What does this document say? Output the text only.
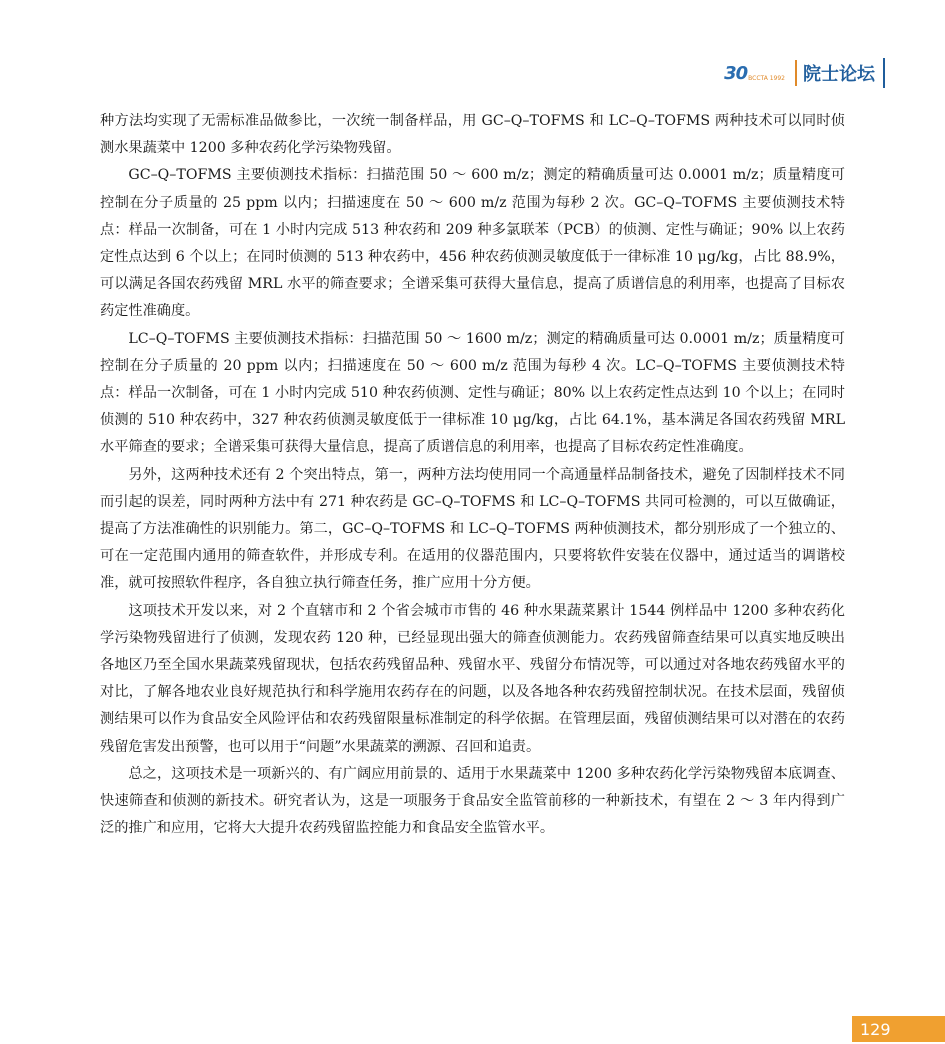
30 BCCTA 1992 院士论坛

种方法均实现了无需标准品做参比，一次统一制备样品，用 GC–Q–TOFMS 和 LC–Q–TOFMS 两种技术可以同时侦测水果蔬菜中 1200 多种农药化学污染物残留。

GC–Q–TOFMS 主要侦测技术指标：扫描范围 50 ～ 600 m/z；测定的精确质量可达 0.0001 m/z；质量精度可控制在分子质量的 25 ppm 以内；扫描速度在 50 ～ 600 m/z 范围为每秒 2 次。GC–Q–TOFMS 主要侦测技术特点：样品一次制备，可在 1 小时内完成 513 种农药和 209 种多氯联苯（PCB）的侦测、定性与确证；90% 以上农药定性点达到 6 个以上；在同时侦测的 513 种农药中，456 种农药侦测灵敏度低于一律标准 10 μg/kg，占比 88.9%，可以满足各国农药残留 MRL 水平的筛查要求；全谱采集可获得大量信息，提高了质谱信息的利用率，也提高了目标农药定性准确度。

LC–Q–TOFMS 主要侦测技术指标：扫描范围 50 ～ 1600 m/z；测定的精确质量可达 0.0001 m/z；质量精度可控制在分子质量的 20 ppm 以内；扫描速度在 50 ～ 600 m/z 范围为每秒 4 次。LC–Q–TOFMS 主要侦测技术特点：样品一次制备，可在 1 小时内完成 510 种农药侦测、定性与确证；80% 以上农药定性点达到 10 个以上；在同时侦测的 510 种农药中，327 种农药侦测灵敏度低于一律标准 10 μg/kg，占比 64.1%，基本满足各国农药残留 MRL 水平筛查的要求；全谱采集可获得大量信息，提高了质谱信息的利用率，也提高了目标农药定性准确度。

另外，这两种技术还有 2 个突出特点，第一，两种方法均使用同一个高通量样品制备技术，避免了因制样技术不同而引起的误差，同时两种方法中有 271 种农药是 GC–Q–TOFMS 和 LC–Q–TOFMS 共同可检测的，可以互做确证，提高了方法准确性的识别能力。第二，GC–Q–TOFMS 和 LC–Q–TOFMS 两种侦测技术，都分别形成了一个独立的、可在一定范围内通用的筛查软件，并形成专利。在适用的仪器范围内，只要将软件安装在仪器中，通过适当的调谐校准，就可按照软件程序，各自独立执行筛查任务，推广应用十分方便。

这项技术开发以来，对 2 个直辖市和 2 个省会城市市售的 46 种水果蔬菜累计 1544 例样品中 1200 多种农药化学污染物残留进行了侦测，发现农药 120 种，已经显现出强大的筛查侦测能力。农药残留筛查结果可以真实地反映出各地区乃至全国水果蔬菜残留现状，包括农药残留品种、残留水平、残留分布情况等，可以通过对各地农药残留水平的对比，了解各地农业良好规范执行和科学施用农药存在的问题，以及各地各种农药残留控制状况。在技术层面，残留侦测结果可以作为食品安全风险评估和农药残留限量标准制定的科学依据。在管理层面，残留侦测结果可以对潜在的农药残留危害发出预警，也可以用于“问题”水果蔬菜的溯源、召回和追责。

总之，这项技术是一项新兴的、有广阔应用前景的、适用于水果蔬菜中 1200 多种农药化学污染物残留本底调查、快速筛查和侦测的新技术。研究者认为，这是一项服务于食品安全监管前移的一种新技术，有望在 2 ～ 3 年内得到广泛的推广和应用，它将大大提升农药残留监控能力和食品安全监管水平。

129
